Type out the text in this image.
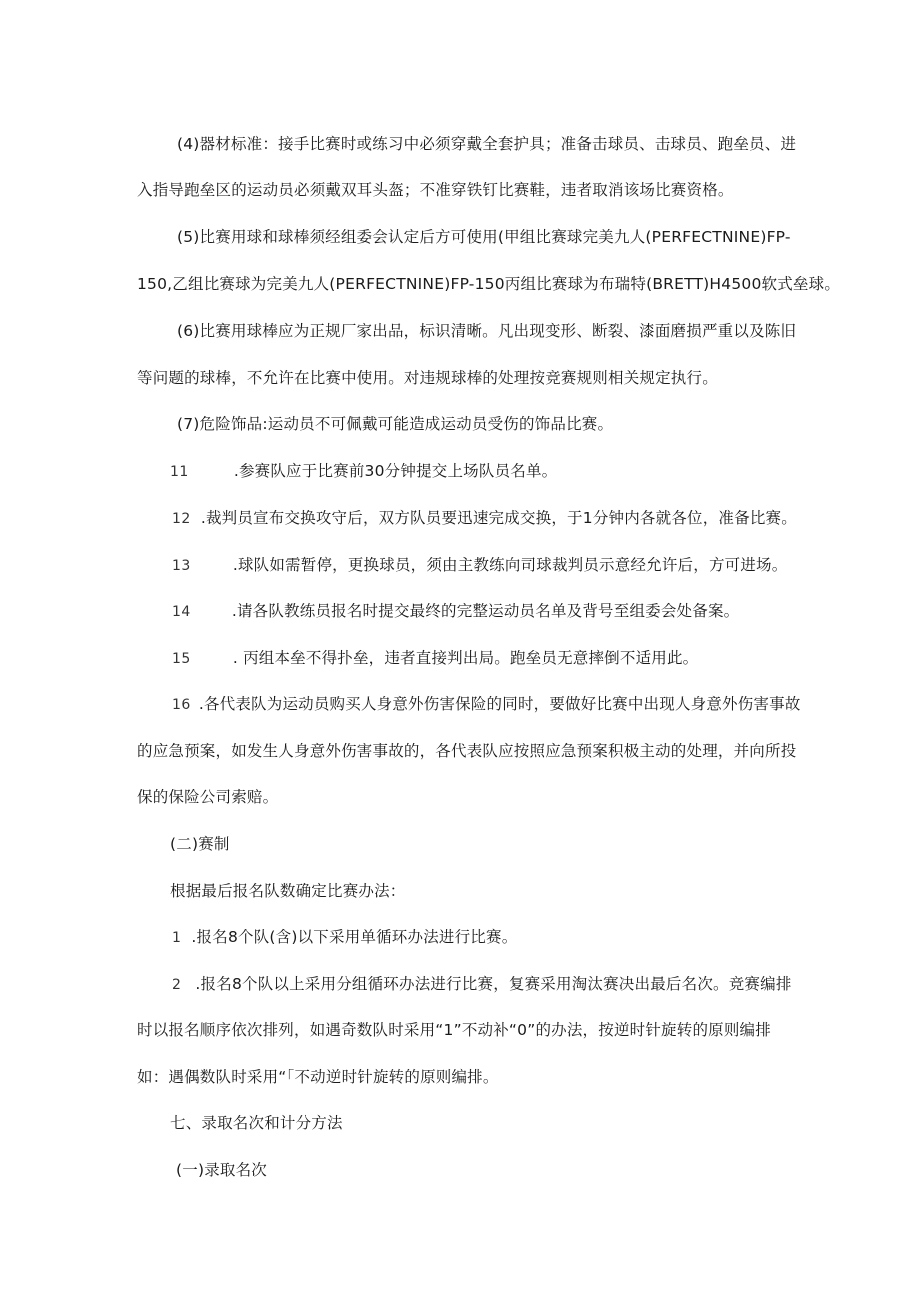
(4)器材标准：接手比赛时或练习中必须穿戴全套护具；准备击球员、击球员、跑垒员、进
入指导跑垒区的运动员必须戴双耳头盔；不准穿铁钉比赛鞋，违者取消该场比赛资格。
(5)比赛用球和球棒须经组委会认定后方可使用(甲组比赛球完美九人(PERFECTNINE)FP-
150,乙组比赛球为完美九人(PERFECTNINE)FP-150丙组比赛球为布瑞特(BRETT)H4500软式垒球。
(6)比赛用球棒应为正规厂家出品，标识清晰。凡出现变形、断裂、漆面磨损严重以及陈旧
等问题的球棒，不允许在比赛中使用。对违规球棒的处理按竞赛规则相关规定执行。
(7)危险饰品:运动员不可佩戴可能造成运动员受伤的饰品比赛。
11	.参赛队应于比赛前30分钟提交上场队员名单。
12 .裁判员宣布交换攻守后，双方队员要迅速完成交换，于1分钟内各就各位，准备比赛。
13	.球队如需暂停，更换球员，须由主教练向司球裁判员示意经允许后，方可进场。
14	.请各队教练员报名时提交最终的完整运动员名单及背号至组委会处备案。
15	. 丙组本垒不得扑垒，违者直接判出局。跑垒员无意摔倒不适用此。
16 .各代表队为运动员购买人身意外伤害保险的同时，要做好比赛中出现人身意外伤害事故
的应急预案，如发生人身意外伤害事故的，各代表队应按照应急预案积极主动的处理，并向所投
保的保险公司索赔。
(二)赛制
根据最后报名队数确定比赛办法：
1 .报名8个队(含)以下采用单循环办法进行比赛。
2 .报名8个队以上采用分组循环办法进行比赛，复赛采用淘汰赛决出最后名次。竞赛编排
时以报名顺序依次排列，如遇奇数队时采用“1”不动补“0”的办法，按逆时针旋转的原则编排
如：遇偶数队时采用“「不动逆时针旋转的原则编排。
七、录取名次和计分方法
(一)录取名次
